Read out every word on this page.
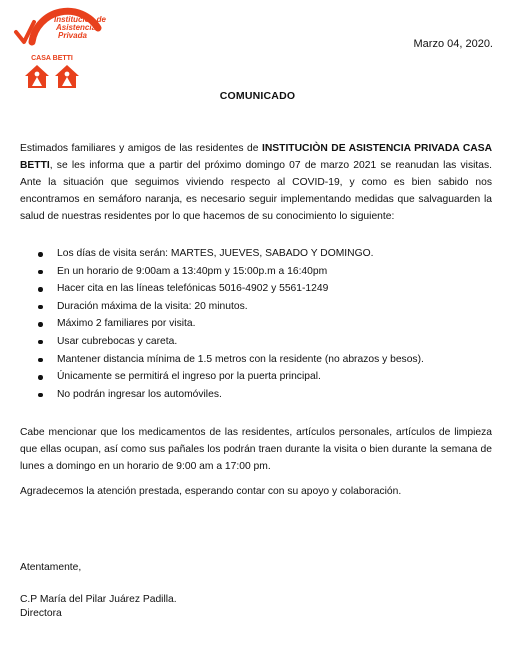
Institución de
Asistencia
Privada
CASA BETTI
Marzo 04, 2020.
COMUNICADO

Estimados familiares y amigos de las residentes de INSTITUCIÒN DE ASISTENCIA PRIVADA CASA BETTI, se les informa que a partir del próximo domingo 07 de marzo 2021 se reanudan las visitas. Ante la situación que seguimos viviendo respecto al COVID-19, y como es bien sabido nos encontramos en semáforo naranja, es necesario seguir implementando medidas que salvaguarden la salud de nuestras residentes por lo que hacemos de su conocimiento lo siguiente:

Los días de visita serán: MARTES, JUEVES, SABADO Y DOMINGO.
En un horario de 9:00am a 13:40pm y 15:00p.m a 16:40pm
Hacer cita en las líneas telefónicas 5016-4902 y 5561-1249
Duración máxima de la visita: 20 minutos.
Máximo 2 familiares por visita.
Usar cubrebocas y careta.
Mantener distancia mínima de 1.5 metros con la residente (no abrazos y besos).
Únicamente se permitirá el ingreso por la puerta principal.
No podrán ingresar los automóviles.

Cabe mencionar que los medicamentos de las residentes, artículos personales, artículos de limpieza que ellas ocupan, así como sus pañales los podrán traen durante la visita o bien durante la semana de lunes a domingo en un horario de 9:00 am a 17:00 pm.

Agradecemos la atención prestada, esperando contar con su apoyo y colaboración.

Atentamente,
C.P María del Pilar Juárez Padilla.
Directora
